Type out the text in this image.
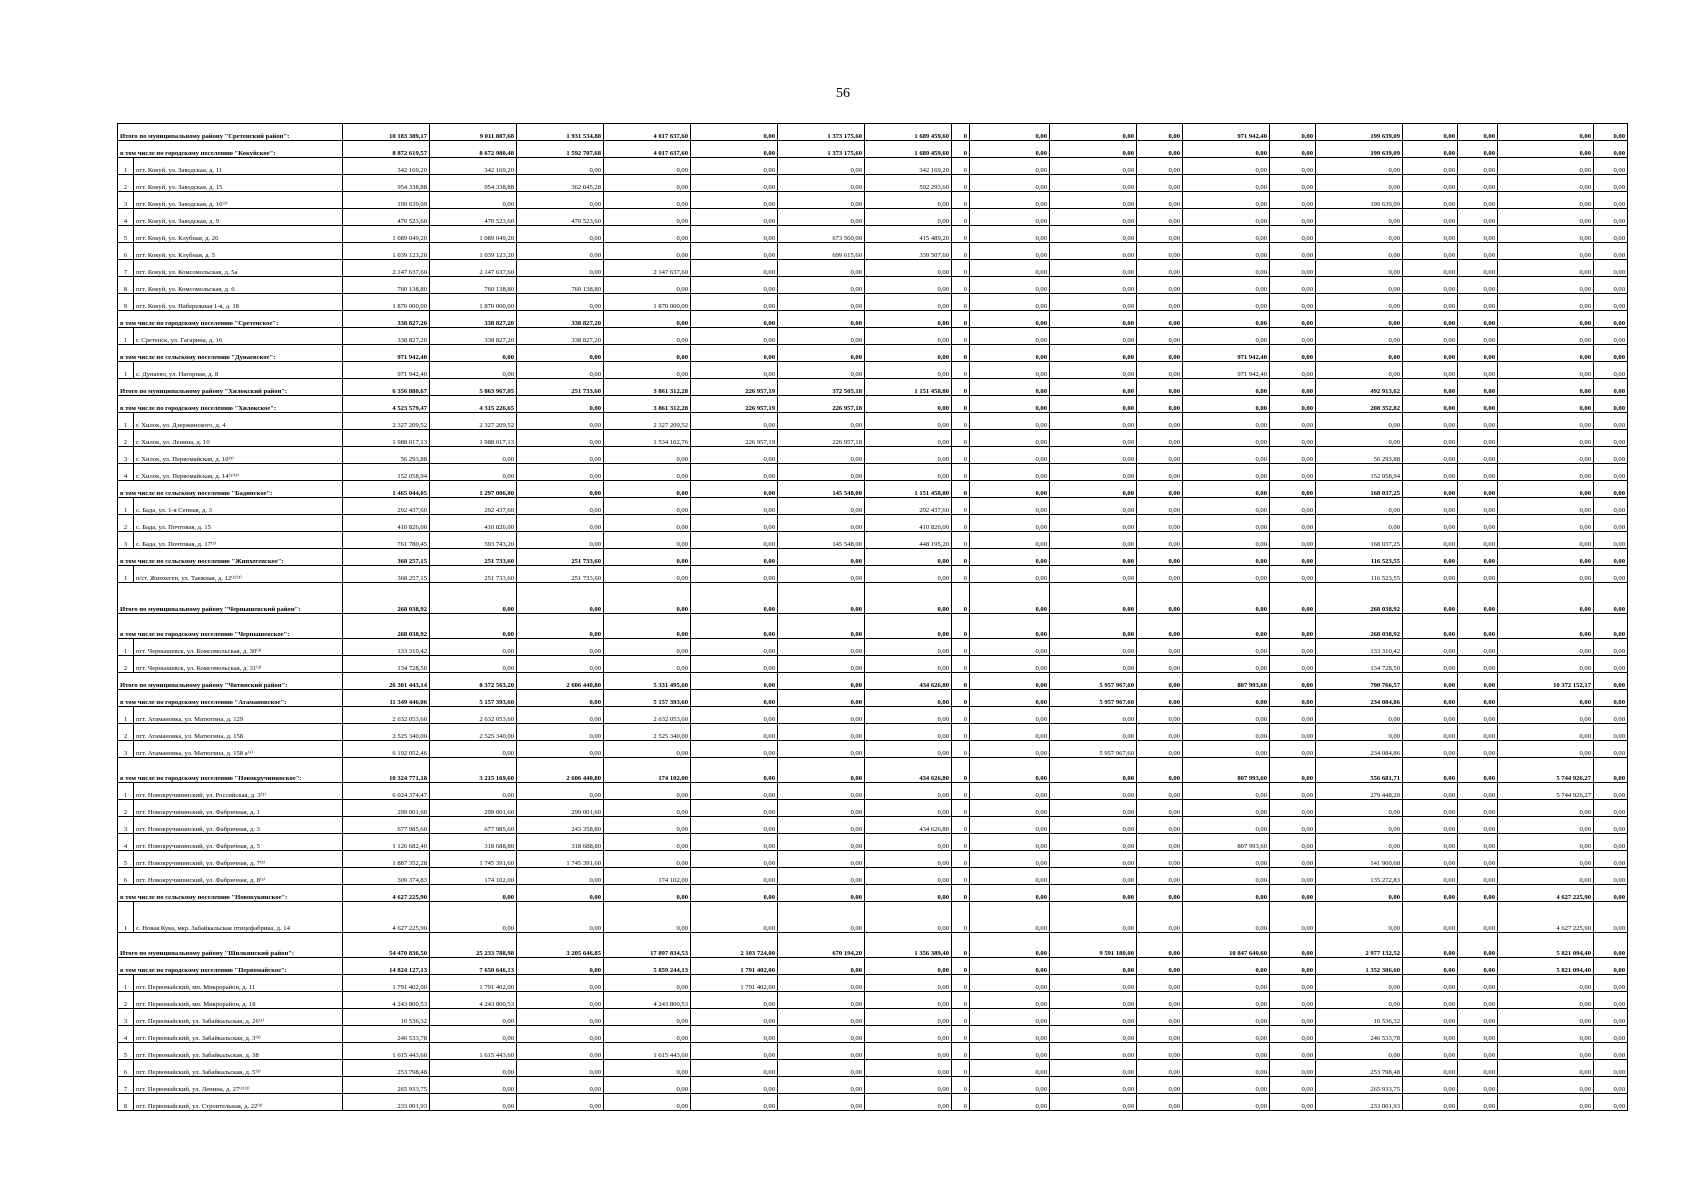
56
Итого по муниципальному району "Сретенский район":		10 183 389,17	9 011 807,68	1 931 534,88	4 017 637,60	0,00	1 373 175,60	1 689 459,60	0	0,00	0,00	0,00	971 942,40	0,00	199 639,09	0,00	0,00	0,00	0,00
в том числе по городскому поселению "Кокуйское":		8 872 619,57	8 672 980,48	1 592 707,68	4 017 637,60	0,00	1 373 175,60	1 689 459,60	0	0,00	0,00	0,00	0,00	0,00	199 639,09	0,00	0,00	0,00	0,00
1	пгт. Кокуй, ул. Заводская, д. 11	342 169,20	342 169,20	0,00	0,00	0,00	0,00	342 169,20	0	0,00	0,00	0,00	0,00	0,00	0,00	0,00	0,00	0,00	0,00
2	пгт. Кокуй, ул. Заводская, д. 15	954 338,88	954 338,88	362 045,28	0,00	0,00	0,00	592 293,60	0	0,00	0,00	0,00	0,00	0,00	0,00	0,00	0,00	0,00	0,00
3	пгт. Кокуй, ул. Заводская, д. 16⁽³⁾	199 639,09	0,00	0,00	0,00	0,00	0,00	0,00	0	0,00	0,00	0,00	0,00	0,00	199 639,09	0,00	0,00	0,00	0,00
4	пгт. Кокуй, ул. Заводская, д. 9	470 523,60	470 523,60	470 523,60	0,00	0,00	0,00	0,00	0	0,00	0,00	0,00	0,00	0,00	0,00	0,00	0,00	0,00	0,00
5	пгт. Кокуй, ул. Клубная, д. 26	1 089 049,20	1 089 049,20	0,00	0,00	0,00	673 560,00	415 489,20	0	0,00	0,00	0,00	0,00	0,00	0,00	0,00	0,00	0,00	0,00
6	пгт. Кокуй, ул. Клубная, д. 5	1 039 123,20	1 039 123,20	0,00	0,00	0,00	699 615,60	339 507,60	0	0,00	0,00	0,00	0,00	0,00	0,00	0,00	0,00	0,00	0,00
7	пгт. Кокуй, ул. Комсомольская, д. 5а	2 147 637,60	2 147 637,60	0,00	2 147 637,60	0,00	0,00	0,00	0	0,00	0,00	0,00	0,00	0,00	0,00	0,00	0,00	0,00	0,00
8	пгт. Кокуй, ул. Комсомольская, д. 6	760 138,80	760 138,80	760 138,80	0,00	0,00	0,00	0,00	0	0,00	0,00	0,00	0,00	0,00	0,00	0,00	0,00	0,00	0,00
9	пгт. Кокуй, ул. Набережная 1-я, д. 18	1 870 000,00	1 870 000,00	0,00	1 870 000,00	0,00	0,00	0,00	0	0,00	0,00	0,00	0,00	0,00	0,00	0,00	0,00	0,00	0,00
в том числе по городскому поселению "Сретенское":		338 827,20	338 827,20	338 827,20	0,00	0,00	0,00	0,00	0	0,00	0,00	0,00	0,00	0,00	0,00	0,00	0,00	0,00	0,00
1	г. Сретенск, ул. Гагарина, д. 16	338 827,20	338 827,20	338 827,20	0,00	0,00	0,00	0,00	0	0,00	0,00	0,00	0,00	0,00	0,00	0,00	0,00	0,00	0,00
в том числе по сельскому поселению "Дунаевское":		971 942,40	0,00	0,00	0,00	0,00	0,00	0,00	0	0,00	0,00	0,00	971 942,40	0,00	0,00	0,00	0,00	0,00	0,00
1	с. Дунаево, ул. Нагорная, д. 8	971 942,40	0,00	0,00	0,00	0,00	0,00	0,00	0	0,00	0,00	0,00	971 942,40	0,00	0,00	0,00	0,00	0,00	0,00
Итого по муниципальному району "Хилокский район":		6 356 880,67	5 863 967,05	251 733,60	3 861 312,28	226 957,19	372 505,18	1 151 458,80	0	0,00	0,00	0,00	0,00	0,00	492 913,62	0,00	0,00	0,00	0,00
в том числе по городскому поселению "Хилокское":		4 523 579,47	4 315 226,65	0,00	3 861 312,28	226 957,19	226 957,18	0,00	0	0,00	0,00	0,00	0,00	0,00	208 352,82	0,00	0,00	0,00	0,00
1	г. Хилок, ул. Дзержинского, д. 4	2 327 209,52	2 327 209,52	0,00	2 327 209,52	0,00	0,00	0,00	0	0,00	0,00	0,00	0,00	0,00	0,00	0,00	0,00	0,00	0,00
2	г. Хилок, ул. Ленина, д. 10	1 988 017,13	1 988 017,13	0,00	1 534 102,76	226 957,19	226 957,18	0,00	0	0,00	0,00	0,00	0,00	0,00	0,00	0,00	0,00	0,00	0,00
3	г. Хилок, ул. Первомайская, д. 10⁽³⁾	56 293,88	0,00	0,00	0,00	0,00	0,00	0,00	0	0,00	0,00	0,00	0,00	0,00	56 293,88	0,00	0,00	0,00	0,00
4	г. Хилок, ул. Первомайская, д. 14⁽¹⁾⁽³⁾	152 058,94	0,00	0,00	0,00	0,00	0,00	0,00	0	0,00	0,00	0,00	0,00	0,00	152 058,94	0,00	0,00	0,00	0,00
в том числе по сельскому поселению "Бадинское":		1 465 044,05	1 297 006,80	0,00	0,00	0,00	145 548,00	1 151 458,80	0	0,00	0,00	0,00	0,00	0,00	168 037,25	0,00	0,00	0,00	0,00
1	с. Бада, ул. 1-я Сенная, д. 3	292 437,60	292 437,60	0,00	0,00	0,00	0,00	292 437,60	0	0,00	0,00	0,00	0,00	0,00	0,00	0,00	0,00	0,00	0,00
2	с. Бада, ул. Почтовая, д. 15	410 826,00	410 826,00	0,00	0,00	0,00	0,00	410 826,00	0	0,00	0,00	0,00	0,00	0,00	0,00	0,00	0,00	0,00	0,00
3	с. Бада, ул. Почтовая, д. 17⁽³⁾	761 780,45	593 743,20	0,00	0,00	0,00	145 548,00	448 195,20	0	0,00	0,00	0,00	0,00	0,00	168 037,25	0,00	0,00	0,00	0,00
в том числе по сельскому поселению "Жипхегенское":		368 257,15	251 733,60	251 733,60	0,00	0,00	0,00	0,00	0	0,00	0,00	0,00	0,00	0,00	116 523,55	0,00	0,00	0,00	0,00
1	п/ст. Жипхеген, ул. Таежная, д. 12⁽¹⁾⁽³⁾	368 257,15	251 733,60	251 733,60	0,00	0,00	0,00	0,00	0	0,00	0,00	0,00	0,00	0,00	116 523,55	0,00	0,00	0,00	0,00
Итого по муниципальному району "Чернышевский район":		268 038,92	0,00	0,00	0,00	0,00	0,00	0,00	0	0,00	0,00	0,00	0,00	0,00	268 038,92	0,00	0,00	0,00	0,00
в том числе по городскому поселению "Чернышевское":		268 038,92	0,00	0,00	0,00	0,00	0,00	0,00	0	0,00	0,00	0,00	0,00	0,00	268 038,92	0,00	0,00	0,00	0,00
1	пгт. Чернышевск, ул. Комсомольская, д. 30⁽³⁾	133 310,42	0,00	0,00	0,00	0,00	0,00	0,00	0	0,00	0,00	0,00	0,00	0,00	133 310,42	0,00	0,00	0,00	0,00
2	пгт. Чернышевск, ул. Комсомольская, д. 31⁽³⁾	134 728,50	0,00	0,00	0,00	0,00	0,00	0,00	0	0,00	0,00	0,00	0,00	0,00	134 728,50	0,00	0,00	0,00	0,00
Итого по муниципальному району "Читинский район":		26 301 443,14	8 372 563,20	2 606 440,80	5 331 495,60	0,00	0,00	434 626,80	0	0,00	5 957 967,60	0,00	807 993,60	0,00	790 766,57	0,00	0,00	10 372 152,17	0,00
в том числе по городскому поселению "Атамановское":		11 349 446,06	5 157 393,60	0,00	5 157 393,60	0,00	0,00	0,00	0	0,00	5 957 967,60	0,00	0,00	0,00	234 084,86	0,00	0,00	0,00	0,00
1	пгт. Атамановка, ул. Матюгина, д. 129	2 632 053,60	2 632 053,60	0,00	2 632 053,60	0,00	0,00	0,00	0	0,00	0,00	0,00	0,00	0,00	0,00	0,00	0,00	0,00	0,00
2	пгт. Атамановка, ул. Матюгина, д. 158	2 525 340,00	2 525 340,00	0,00	2 525 340,00	0,00	0,00	0,00	0	0,00	0,00	0,00	0,00	0,00	0,00	0,00	0,00	0,00	0,00
3	пгт. Атамановка, ул. Матюгина, д. 158 а⁽¹⁾	6 192 052,46	0,00	0,00	0,00	0,00	0,00	0,00	0	0,00	5 957 967,60	0,00	0,00	0,00	234 084,86	0,00	0,00	0,00	0,00
в том числе по городскому поселению "Новокручининское":		10 324 771,18	3 215 169,60	2 606 440,80	174 102,00	0,00	0,00	434 626,80	0	0,00	0,00	0,00	807 993,60	0,00	556 681,71	0,00	0,00	5 744 926,27	0,00
1	пгт. Новокручининский, ул. Российская, д. 3⁽³⁾	6 024 374,47	0,00	0,00	0,00	0,00	0,00	0,00	0	0,00	0,00	0,00	0,00	0,00	279 448,20	0,00	0,00	5 744 926,27	0,00
2	пгт. Новокручининский, ул. Фабричная, д. 1	299 001,60	299 001,60	299 001,60	0,00	0,00	0,00	0,00	0	0,00	0,00	0,00	0,00	0,00	0,00	0,00	0,00	0,00	0,00
3	пгт. Новокручининский, ул. Фабричная, д. 3	677 985,60	677 985,60	243 358,80	0,00	0,00	0,00	434 626,80	0	0,00	0,00	0,00	0,00	0,00	0,00	0,00	0,00	0,00	0,00
4	пгт. Новокручининский, ул. Фабричная, д. 5	1 126 682,40	318 688,80	318 688,80	0,00	0,00	0,00	0,00	0	0,00	0,00	0,00	807 993,60	0,00	0,00	0,00	0,00	0,00	0,00
5	пгт. Новокручининский, ул. Фабричная, д. 7⁽³⁾	1 887 352,28	1 745 391,60	1 745 391,60	0,00	0,00	0,00	0,00	0	0,00	0,00	0,00	0,00	0,00	141 960,68	0,00	0,00	0,00	0,00
6	пгт. Новокручининский, ул. Фабричная, д. 8⁽³⁾	309 374,83	174 102,00	0,00	174 102,00	0,00	0,00	0,00	0	0,00	0,00	0,00	0,00	0,00	135 272,83	0,00	0,00	0,00	0,00
в том числе по сельскому поселению "Новокукинское":		4 627 225,90	0,00	0,00	0,00	0,00	0,00	0,00	0	0,00	0,00	0,00	0,00	0,00	0,00	0,00	0,00	4 627 225,90	0,00
1	с. Новая Кука, мкр. Забайкальская птицефабрика, д. 14	4 627 225,90	0,00	0,00	0,00	0,00	0,00	0,00	0	0,00	0,00	0,00	0,00	0,00	0,00	0,00	0,00	4 627 225,90	0,00
Итого по муниципальному району "Шилкинский район":		54 470 836,50	25 233 788,98	3 205 646,85	17 897 834,53	2 103 724,00	670 194,20	1 356 389,40	0	0,00	9 591 180,00	0,00	10 847 640,60	0,00	2 977 132,52	0,00	0,00	5 821 094,40	0,00
в том числе по городскому поселению "Первомайское":		14 824 127,13	7 650 646,13	0,00	5 859 244,13	1 791 402,00	0,00	0,00	0	0,00	0,00	0,00	0,00	0,00	1 352 386,60	0,00	0,00	5 821 094,40	0,00
1	пгт. Первомайский, мп. Микрорайон, д. 11	1 791 402,00	1 791 402,00	0,00	0,00	1 791 402,00	0,00	0,00	0	0,00	0,00	0,00	0,00	0,00	0,00	0,00	0,00	0,00	0,00
2	пгт. Первомайский, мп. Микрорайон, д. 18	4 243 800,53	4 243 800,53	0,00	4 243 800,53	0,00	0,00	0,00	0	0,00	0,00	0,00	0,00	0,00	0,00	0,00	0,00	0,00	0,00
3	пгт. Первомайский, ул. Забайкальская, д. 26⁽³⁾	10 536,32	0,00	0,00	0,00	0,00	0,00	0,00	0	0,00	0,00	0,00	0,00	0,00	10 536,32	0,00	0,00	0,00	0,00
4	пгт. Первомайский, ул. Забайкальская, д. 3⁽³⁾	246 533,78	0,00	0,00	0,00	0,00	0,00	0,00	0	0,00	0,00	0,00	0,00	0,00	246 533,78	0,00	0,00	0,00	0,00
5	пгт. Первомайский, ул. Забайкальская, д. 38	1 615 443,60	1 615 443,60	0,00	1 615 443,60	0,00	0,00	0,00	0	0,00	0,00	0,00	0,00	0,00	0,00	0,00	0,00	0,00	0,00
6	пгт. Первомайский, ул. Забайкальская, д. 5⁽³⁾	253 798,48	0,00	0,00	0,00	0,00	0,00	0,00	0	0,00	0,00	0,00	0,00	0,00	253 798,48	0,00	0,00	0,00	0,00
7	пгт. Первомайский, ул. Ленина, д. 27⁽¹⁾⁽³⁾	265 933,75	0,00	0,00	0,00	0,00	0,00	0,00	0	0,00	0,00	0,00	0,00	0,00	265 933,75	0,00	0,00	0,00	0,00
8	пгт. Первомайский, ул. Строительная, д. 22⁽³⁾	233 001,93	0,00	0,00	0,00	0,00	0,00	0,00	0	0,00	0,00	0,00	0,00	0,00	233 001,93	0,00	0,00	0,00	0,00
